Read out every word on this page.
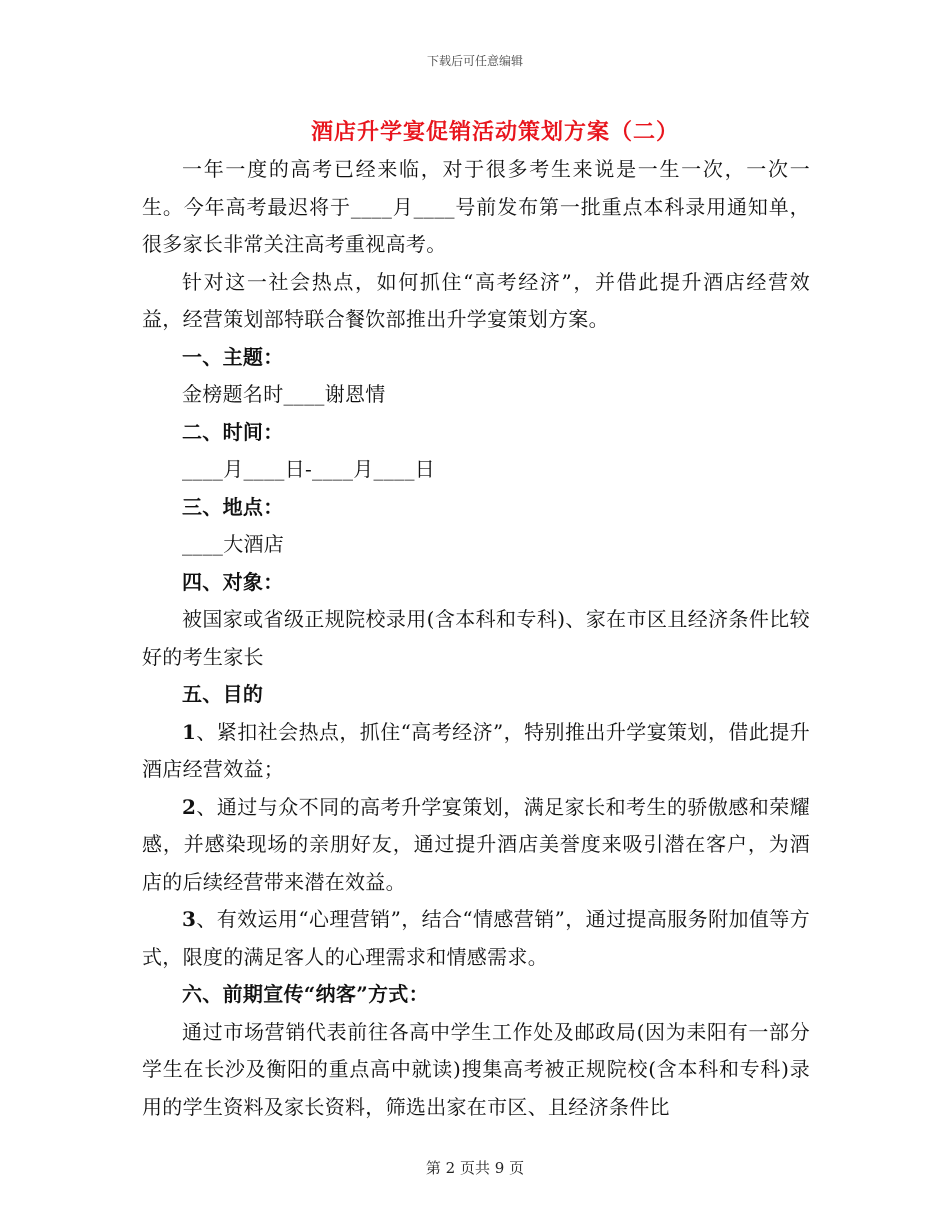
下载后可任意编辑
酒店升学宴促销活动策划方案（二）

一年一度的高考已经来临，对于很多考生来说是一生一次，一次一生。今年高考最迟将于____月____号前发布第一批重点本科录用通知单，很多家长非常关注高考重视高考。

针对这一社会热点，如何抓住“高考经济”，并借此提升酒店经营效益，经营策划部特联合餐饮部推出升学宴策划方案。

一、主题：

金榜题名时____谢恩情

二、时间：

____月____日-____月____日

三、地点：

____大酒店

四、对象：

被国家或省级正规院校录用(含本科和专科)、家在市区且经济条件比较好的考生家长

五、目的

1、紧扣社会热点，抓住“高考经济”，特别推出升学宴策划，借此提升酒店经营效益；

2、通过与众不同的高考升学宴策划，满足家长和考生的骄傲感和荣耀感，并感染现场的亲朋好友，通过提升酒店美誉度来吸引潜在客户，为酒店的后续经营带来潜在效益。

3、有效运用“心理营销”，结合“情感营销”，通过提高服务附加值等方式，限度的满足客人的心理需求和情感需求。

六、前期宣传“纳客”方式：

通过市场营销代表前往各高中学生工作处及邮政局(因为耒阳有一部分学生在长沙及衡阳的重点高中就读)搜集高考被正规院校(含本科和专科)录用的学生资料及家长资料，筛选出家在市区、且经济条件比

第 2 页共 9 页
